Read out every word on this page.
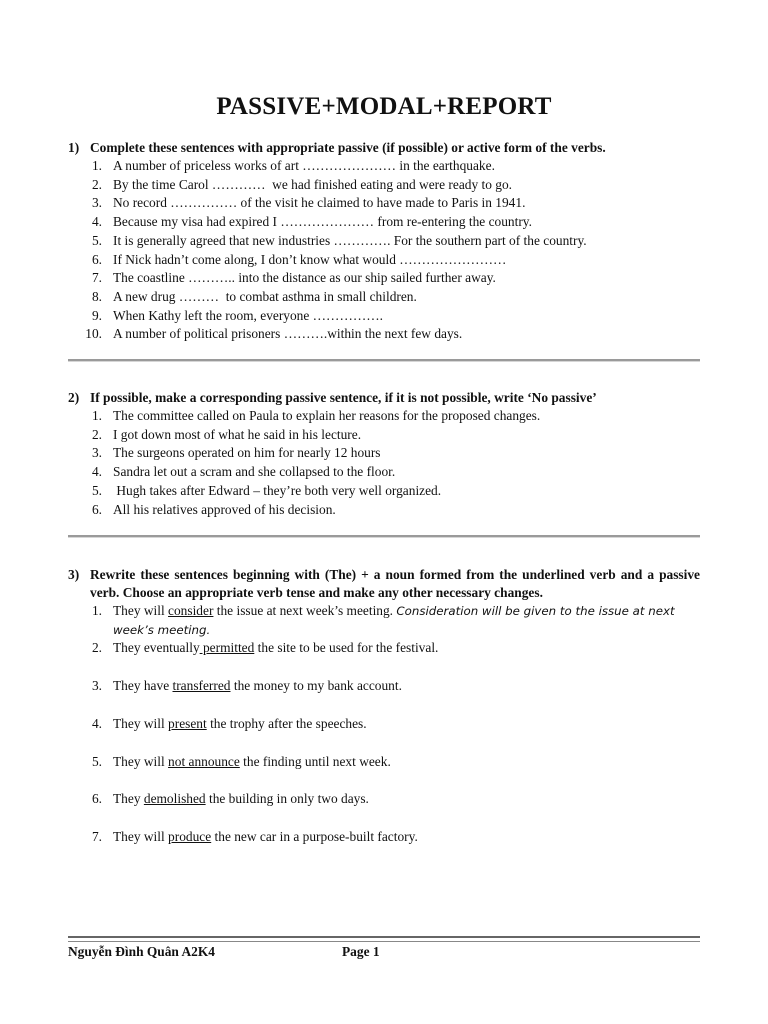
PASSIVE+MODAL+REPORT
1) Complete these sentences with appropriate passive (if possible) or active form of the verbs.
1. A number of priceless works of art ………………… in the earthquake.
2. By the time Carol …………  we had finished eating and were ready to go.
3. No record …………… of the visit he claimed to have made to Paris in 1941.
4. Because my visa had expired I ………………… from re-entering the country.
5. It is generally agreed that new industries …………. For the southern part of the country.
6. If Nick hadn’t come along, I don’t know what would ……………………
7. The coastline ……….. into the distance as our ship sailed further away.
8. A new drug ………  to combat asthma in small children.
9. When Kathy left the room, everyone …………….
10. A number of political prisoners ……….within the next few days.
2) If possible, make a corresponding passive sentence, if it is not possible, write ‘No passive’
1. The committee called on Paula to explain her reasons for the proposed changes.
2. I got down most of what he said in his lecture.
3. The surgeons operated on him for nearly 12 hours
4. Sandra let out a scram and she collapsed to the floor.
5. Hugh takes after Edward – they’re both very well organized.
6. All his relatives approved of his decision.
3) Rewrite these sentences beginning with (The) + a noun formed from the underlined verb and a passive verb. Choose an appropriate verb tense and make any other necessary changes.
1. They will consider the issue at next week’s meeting. Consideration will be given to the issue at next week’s meeting.
2. They eventually permitted the site to be used for the festival.
3. They have transferred the money to my bank account.
4. They will present the trophy after the speeches.
5. They will not announce the finding until next week.
6. They demolished the building in only two days.
7. They will produce the new car in a purpose-built factory.
Nguyễn Đình Quân A2K4	Page 1
